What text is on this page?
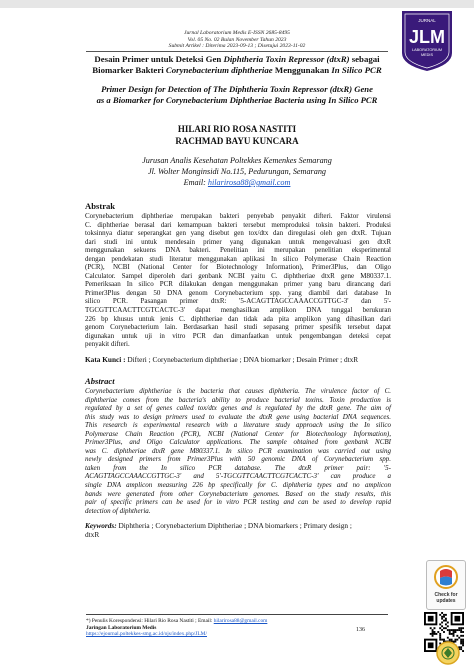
Jurnal Laboratorium Medis E-ISSN 2685-8495
Vol. 05 No. 02 Bulan November Tahun 2023
Submit Artikel : Diterima 2023-09-13 ; Disetujui 2023-11-02
JURNAL
JLM
LABORATORIUM
MEDIS
Desain Primer untuk Deteksi Gen Diphtheria Toxin Repressor (dtxR) sebagai
Biomarker Bakteri Corynebacterium diphtheriae Menggunakan In Silico PCR
Primer Design for Detection of The Diphtheria Toxin Repressor (dtxR) Gene
as a Biomarker for Corynebacterium Diphtheriae Bacteria using In Silico PCR
HILARI RIO ROSA NASTITI
RACHMAD BAYU KUNCARA
Jurusan Analis Kesehatan Poltekkes Kemenkes Semarang
Jl. Wolter Monginsidi No.115, Pedurungan, Semarang
Email: hilarirosa88@gmail.com
Abstrak
Corynebacterium diphtheriae merupakan bakteri penyebab penyakit difteri. Faktor virulensi
C. diphtheriae berasal dari kemampuan bakteri tersebut memproduksi toksin bakteri. Produksi
toksinnya diatur seperangkat gen yang disebut gen tox/dtx dan diregulasi oleh gen dtxR. Tujuan
dari studi ini untuk mendesain primer yang digunakan untuk mengevaluasi gen dtxR
menggunakan sekuens DNA bakteri. Penelitian ini merupakan penelitian eksperimental
dengan pendekatan studi literatur menggunakan aplikasi In silico Polymerase Chain Reaction
(PCR), NCBI (National Center for Biotechnology Information), Primer3Plus, dan Oligo
Calculator. Sampel diperoleh dari genbank NCBI yaitu C. diphtheriae dtxR gene M80337.1.
Pemeriksaan In silico PCR dilakukan dengan menggunakan primer yang baru dirancang dari
Primer3Plus dengan 50 DNA genom Corynebacterium spp. yang diambil dari database In
silico PCR. Pasangan primer dtxR: '5-ACAGTTAGCCAAACCGTTGC-3' dan 5'-
TGCGTTCAACTTCGTCACTC-3' dapat menghasilkan amplikon DNA tunggal berukuran
226 bp khusus untuk jenis C. diphtheriae dan tidak ada pita amplikon yang dihasilkan dari
genom Corynebacterium lain. Berdasarkan hasil studi sepasang primer spesifik tersebut dapat
digunakan untuk uji in vitro PCR dan dimanfaatkan untuk pengembangan deteksi cepat
penyakit difteri.
Kata Kunci : Difteri ; Corynebacterium diphtheriae ; DNA biomarker ; Desain Primer ; dtxR
Abstract
Corynebacterium diphtheriae is the bacteria that causes diphtheria. The virulence factor of C.
diphtheriae comes from the bacteria's ability to produce bacterial toxins. Toxin production is
regulated by a set of genes called tox/dtx genes and is regulated by the dtxR gene. The aim of
this study was to design primers used to evaluate the dtxR gene using bacterial DNA sequences.
This research is experimental research with a literature study approach using the In silico
Polymerase Chain Reaction (PCR), NCBI (National Center for Biotechnology Information),
Primer3Plus, and Oligo Calculator applications. The sample obtained from genbank NCBI
was C. diphtheriae dtxR gene M80337.1. In silico PCR examination was carried out using
newly designed primers from Primer3Plus with 50 genomic DNA of Corynebacterium spp.
taken from the In silico PCR database. The dtxR primer pair: '5-
ACAGTTAGCCAAACCGTTGC-3' and 5'-TGCGTTCAACTTCGTCACTC-3' can produce a
single DNA amplicon measuring 226 bp specifically for C. diphtheria types and no amplicon
bands were generated from other Corynebacterium genomes. Based on the study results, this
pair of specific primers can be used for in vitro PCR testing and can be used to develop rapid
detection of diphtheria.
Keywords: Diphtheria ; Corynebacterium Diphtheriae ; DNA biomarkers ; Primary design ;
dtxR
Check for
updates
*) Penulis Korespondensi: Hilari Rio Rosa Nastiti ; Email: hilarirosa88@gmail.com
Jaringan Laboratorium Medis
https://ejournal.poltekkes-smg.ac.id/ojs/index.php/JLM/
136
